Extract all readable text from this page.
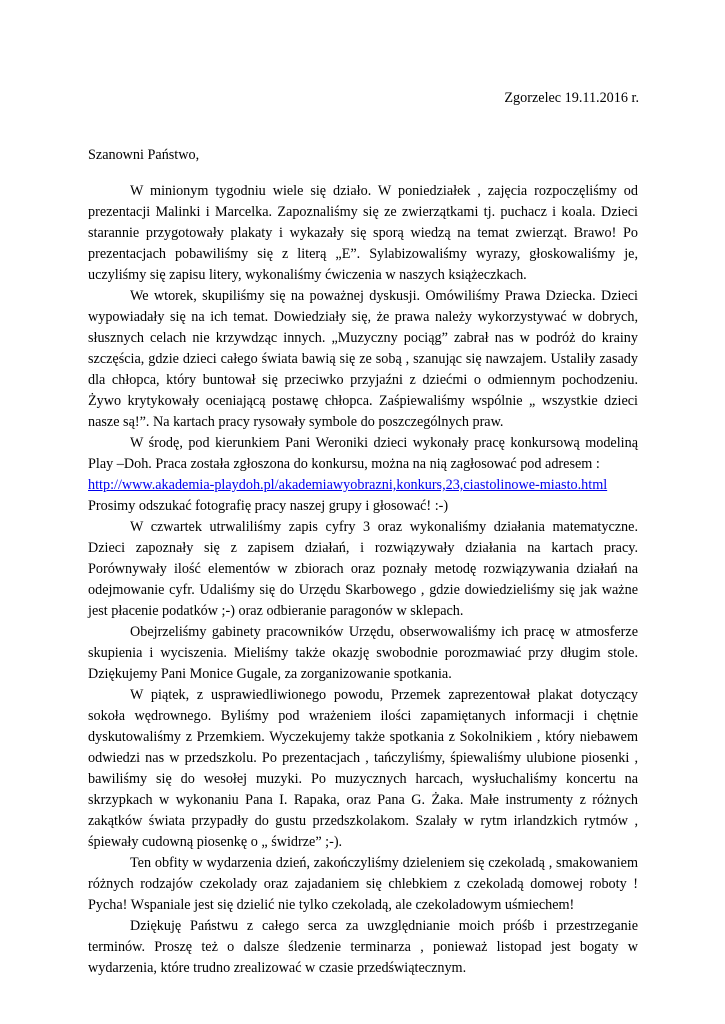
Zgorzelec 19.11.2016 r.

Szanowni Państwo,

W minionym tygodniu wiele się działo. W poniedziałek , zajęcia rozpoczęliśmy od prezentacji Malinki i Marcelka. Zapoznaliśmy się ze zwierzątkami tj. puchacz i koala. Dzieci starannie przygotowały plakaty i wykazały się sporą wiedzą na temat zwierząt. Brawo! Po prezentacjach pobawiliśmy się z literą „E”. Sylabizowaliśmy wyrazy, głoskowaliśmy je, uczyliśmy się zapisu litery, wykonaliśmy ćwiczenia w naszych książeczkach.

We wtorek, skupiliśmy się na poważnej dyskusji. Omówiliśmy Prawa Dziecka. Dzieci wypowiadały się na ich temat. Dowiedziały się, że prawa należy wykorzystywać w dobrych, słusznych celach nie krzywdząc innych. „Muzyczny pociąg” zabrał nas w podróż do krainy szczęścia, gdzie dzieci całego świata bawią się ze sobą , szanując się nawzajem. Ustaliły zasady dla chłopca, który buntował się przeciwko przyjaźni z dziećmi o odmiennym pochodzeniu. Żywo krytykowały oceniającą postawę chłopca. Zaśpiewaliśmy wspólnie „ wszystkie dzieci nasze są!”. Na kartach pracy rysowały symbole do poszczególnych praw.

W środę, pod kierunkiem Pani Weroniki dzieci wykonały pracę konkursową modeliną Play –Doh. Praca została zgłoszona do konkursu, można na nią zagłosować pod adresem :

http://www.akademia-playdoh.pl/akademiawyobrazni,konkurs,23,ciastolinowe-miasto.html

Prosimy odszukać fotografię pracy naszej grupy i głosować! :-)

W czwartek utrwaliliśmy zapis cyfry 3 oraz wykonaliśmy działania matematyczne. Dzieci zapoznały się z zapisem działań, i rozwiązywały działania na kartach pracy. Porównywały ilość elementów w zbiorach oraz poznały metodę rozwiązywania działań na odejmowanie cyfr. Udaliśmy się do Urzędu Skarbowego , gdzie dowiedzieliśmy się jak ważne jest płacenie podatków ;-) oraz odbieranie paragonów w sklepach.

Obejrzeliśmy gabinety pracowników Urzędu, obserwowaliśmy ich pracę w atmosferze skupienia i wyciszenia. Mieliśmy także okazję swobodnie porozmawiać przy długim stole. Dziękujemy Pani Monice Gugale, za zorganizowanie spotkania.

W piątek, z usprawiedliwionego powodu, Przemek zaprezentował plakat dotyczący sokoła wędrownego. Byliśmy pod wrażeniem ilości zapamiętanych informacji i chętnie dyskutowaliśmy z Przemkiem. Wyczekujemy także spotkania z Sokolnikiem , który niebawem odwiedzi nas w przedszkolu. Po prezentacjach , tańczyliśmy, śpiewaliśmy ulubione piosenki , bawiliśmy się do wesołej muzyki. Po muzycznych harcach, wysłuchaliśmy koncertu na skrzypkach w wykonaniu Pana I. Rapaka, oraz Pana G. Żaka. Małe instrumenty z różnych zakątków świata przypadły do gustu przedszkolakom. Szalały w rytm irlandzkich rytmów , śpiewały cudowną piosenkę o „ świdrze” ;-).

Ten obfity w wydarzenia dzień, zakończyliśmy dzieleniem się czekoladą , smakowaniem różnych rodzajów czekolady oraz zajadaniem się chlebkiem z czekoladą domowej roboty ! Pycha! Wspaniale jest się dzielić nie tylko czekoladą, ale czekoladowym uśmiechem!

Dziękuję Państwu z całego serca za uwzględnianie moich próśb i przestrzeganie terminów. Proszę też o dalsze śledzenie terminarza , ponieważ listopad jest bogaty w wydarzenia, które trudno zrealizować w czasie przedświątecznym.
